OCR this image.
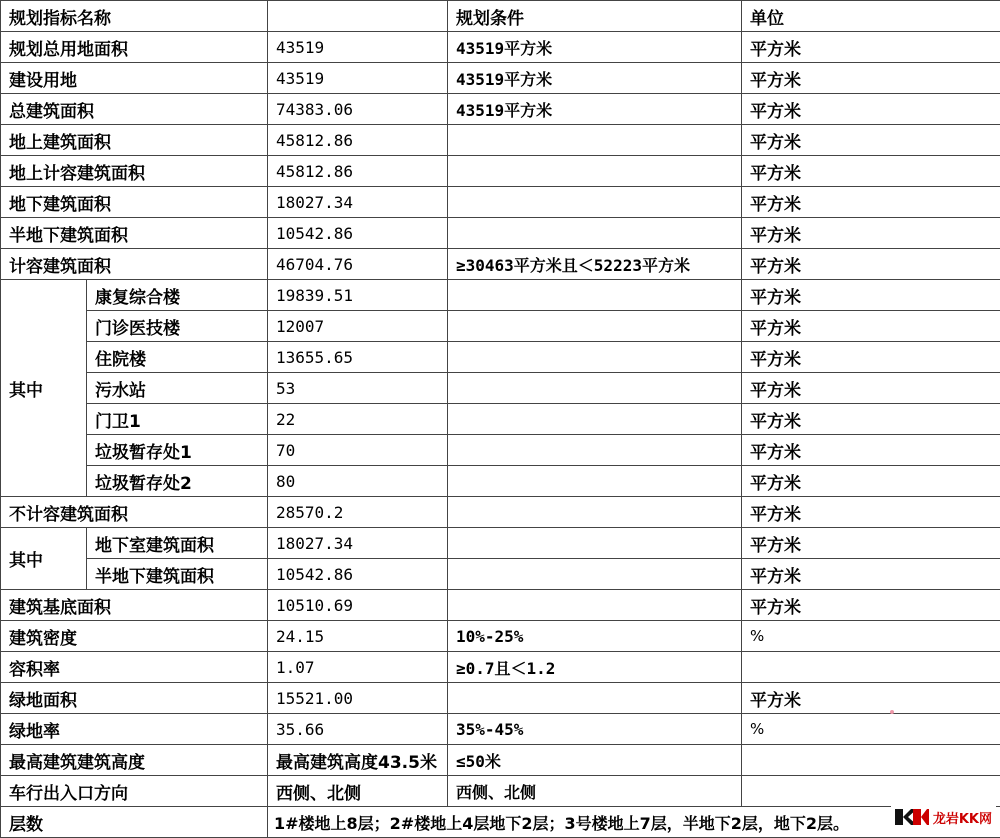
规划指标名称			规划条件	单位
规划总用地面积		43519	43519平方米	平方米
建设用地		43519	43519平方米	平方米
总建筑面积		74383.06	43519平方米	平方米
地上建筑面积		45812.86		平方米
地上计容建筑面积		45812.86		平方米
地下建筑面积		18027.34		平方米
半地下建筑面积		10542.86		平方米
计容建筑面积		46704.76	≥30463平方米且＜52223平方米	平方米
其中	康复综合楼	19839.51		平方米
	门诊医技楼	12007		平方米
	住院楼	13655.65		平方米
	污水站	53		平方米
	门卫1	22		平方米
	垃圾暂存处1	70		平方米
	垃圾暂存处2	80		平方米
不计容建筑面积		28570.2		平方米
其中	地下室建筑面积	18027.34		平方米
	半地下建筑面积	10542.86		平方米
建筑基底面积		10510.69		平方米
建筑密度		24.15	10%-25%	%
容积率		1.07	≥0.7且＜1.2	
绿地面积		15521.00		平方米
绿地率		35.66	35%-45%	%
最高建筑建筑高度		最高建筑高度43.5米	≤50米	
车行出入口方向		西侧、北侧	西侧、北侧	
层数		1#楼地上8层；2#楼地上4层地下2层；3号楼地上7层，半地下2层，地下2层。			龙岩KK网
